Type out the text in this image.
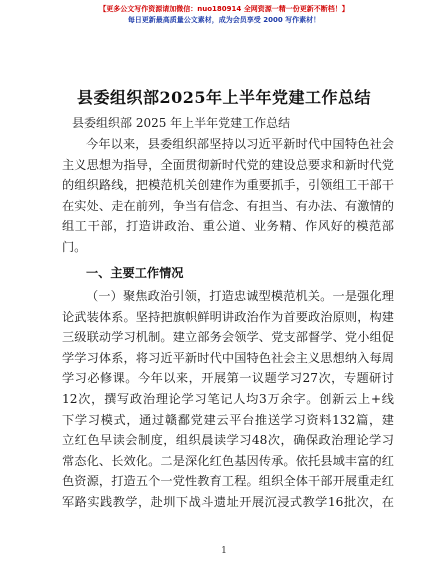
【更多公文写作资源请加微信：nuo180914 全网资源一精一份更新不断档！】
每日更新最高质量公文素材，成为会员享受 2000 写作素材！
县委组织部2025年上半年党建工作总结
县委组织部 2025 年上半年党建工作总结

今年以来，县委组织部坚持以习近平新时代中国特色社会
主义思想为指导，全面贯彻新时代党的建设总要求和新时代党
的组织路线，把模范机关创建作为重要抓手，引领组工干部干
在实处、走在前列，争当有信念、有担当、有办法、有激情的
组工干部，打造讲政治、重公道、业务精、作风好的模范部
门。

一、主要工作情况

（一）聚焦政治引领，打造忠诚型模范机关。一是强化理
论武装体系。坚持把旗帜鲜明讲政治作为首要政治原则，构建
三级联动学习机制。建立部务会领学、党支部督学、党小组促
学学习体系，将习近平新时代中国特色社会主义思想纳入每周
学习必修课。今年以来，开展第一议题学习27次，专题研讨
12次，撰写政治理论学习笔记人均3万余字。创新云上+线
下学习模式，通过赣鄱党建云平台推送学习资料132篇，建
立红色早读会制度，组织晨读学习48次，确保政治理论学习
常态化、长效化。二是深化红色基因传承。依托县域丰富的红
色资源，打造五个一党性教育工程。组织全体干部开展重走红
军路实践教学，赴圳下战斗遗址开展沉浸式教学16批次，在

1
